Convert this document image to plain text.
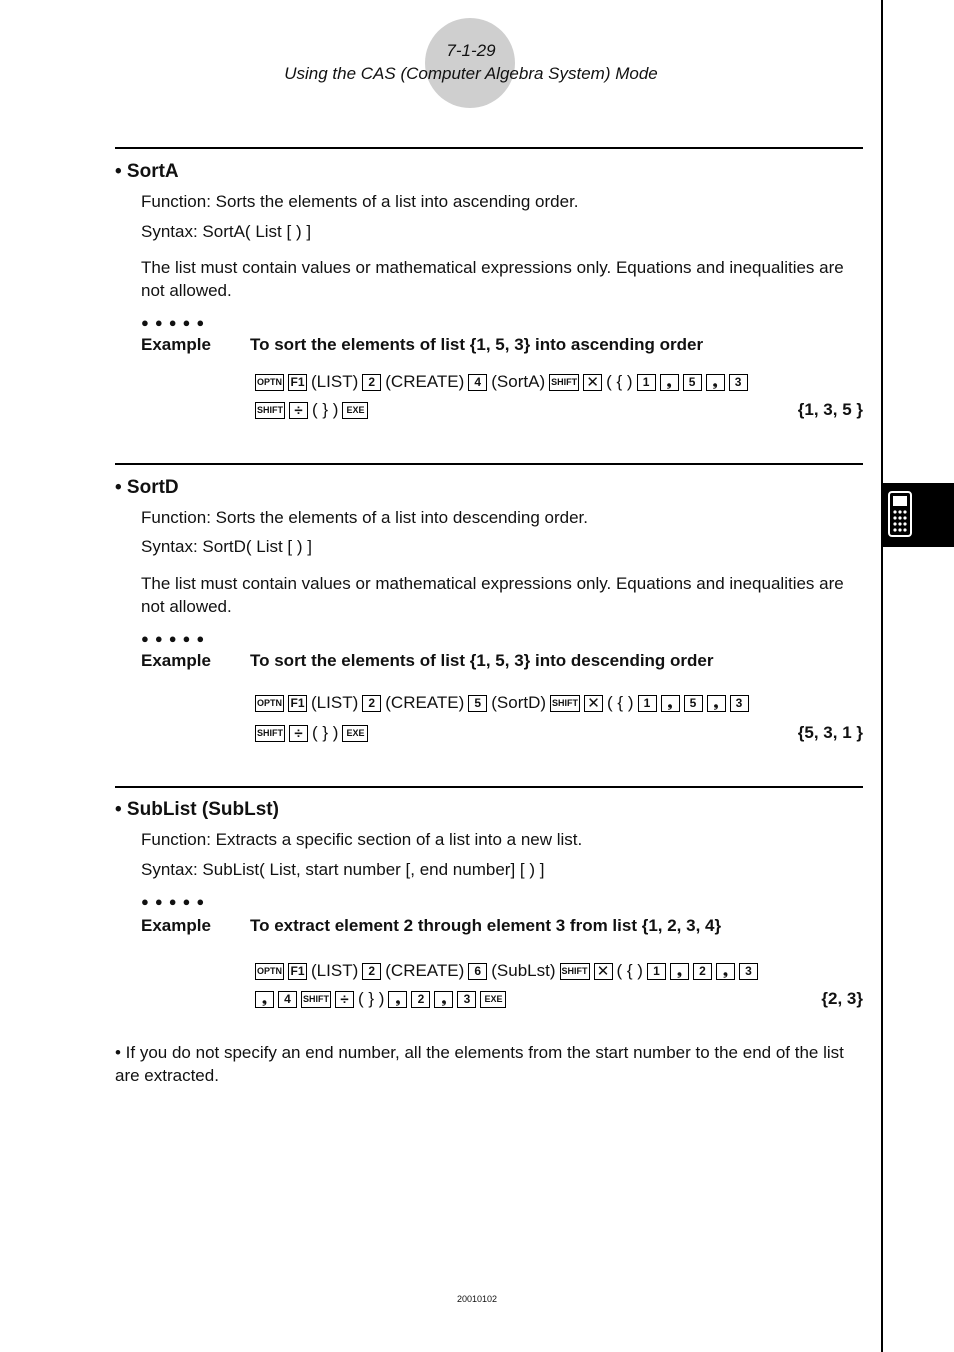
7-1-29
Using the CAS (Computer Algebra System) Mode
• SortA
Function: Sorts the elements of a list into ascending order.
Syntax: SortA( List [ ) ]
The list must contain values or mathematical expressions only. Equations and inequalities are not allowed.
●●●●●
Example To sort the elements of list {1, 5, 3} into ascending order
OPTN F1 (LIST) 2 (CREATE) 4 (SortA) SHIFT ✕ ( { ) 1	❟	5	❟	3
SHIFT ÷ ( } ) EXE	{1, 3, 5 }
• SortD
Function: Sorts the elements of a list into descending order.
Syntax: SortD( List [ ) ]
The list must contain values or mathematical expressions only. Equations and inequalities are not allowed.
●●●●●
Example To sort the elements of list {1, 5, 3} into descending order
OPTN F1 (LIST) 2 (CREATE) 5 (SortD) SHIFT ✕ ( { ) 1	❟	5	❟	3
SHIFT ÷ ( } ) EXE	{5, 3, 1 }
• SubList (SubLst)
Function: Extracts a specific section of a list into a new list.
Syntax: SubList( List, start number [, end number] [ ) ]
●●●●●
Example To extract element 2 through element 3 from list {1, 2, 3, 4}
OPTN F1 (LIST) 2 (CREATE) 6 (SubLst) SHIFT ✕ ( { ) 1	❟	2	❟	3
❟	4	SHIFT ÷ ( } ) ❟	2	❟	3	EXE	{2, 3}
• If you do not specify an end number, all the elements from the start number to the end of the list are extracted.
20010102
